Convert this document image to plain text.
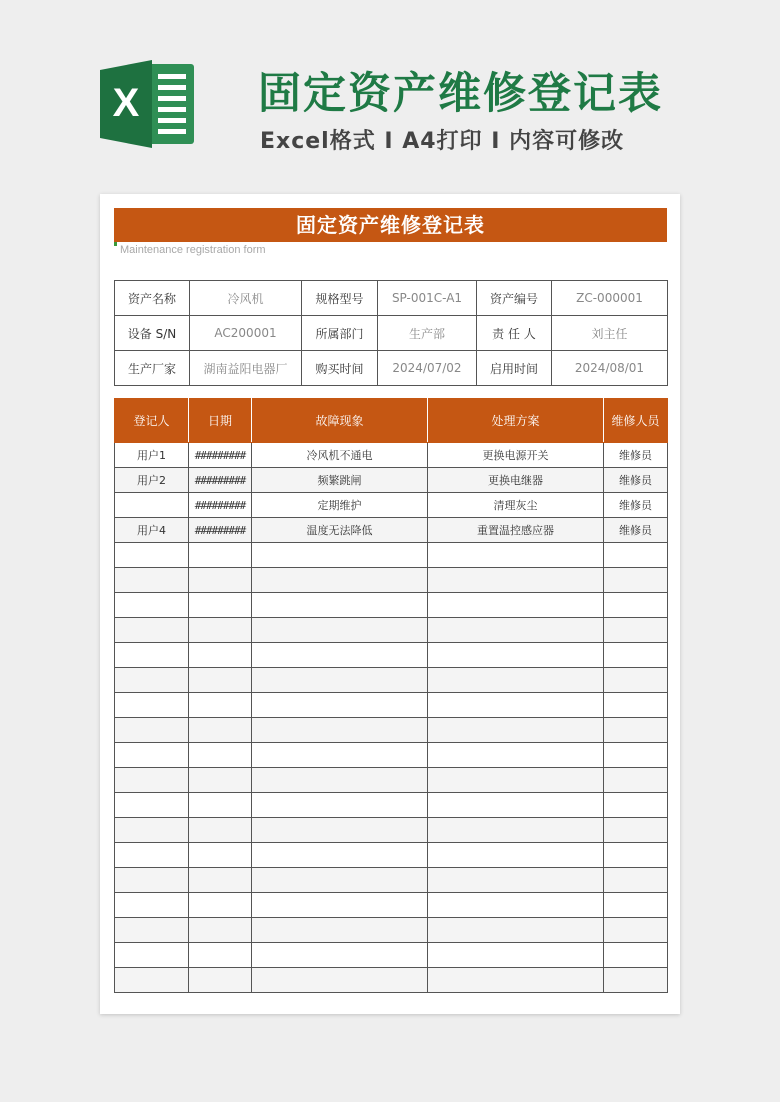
X	固定资产维修登记表
Excel格式 I A4打印 I 内容可修改
固定资产维修登记表
Maintenance registration form
资产名称	冷风机	规格型号	SP-001C-A1	资产编号	ZC-000001
设备 S/N	AC200001	所属部门	生产部	责 任 人	刘主任
生产厂家	湖南益阳电器厂	购买时间	2024/07/02	启用时间	2024/08/01
登记人	日期	故障现象	处理方案	维修人员
用户1	#########	冷风机不通电	更换电源开关	维修员
用户2	#########	频繁跳闸	更换电继器	维修员
	#########	定期维护	清理灰尘	维修员
用户4	#########	温度无法降低	重置温控感应器	维修员
